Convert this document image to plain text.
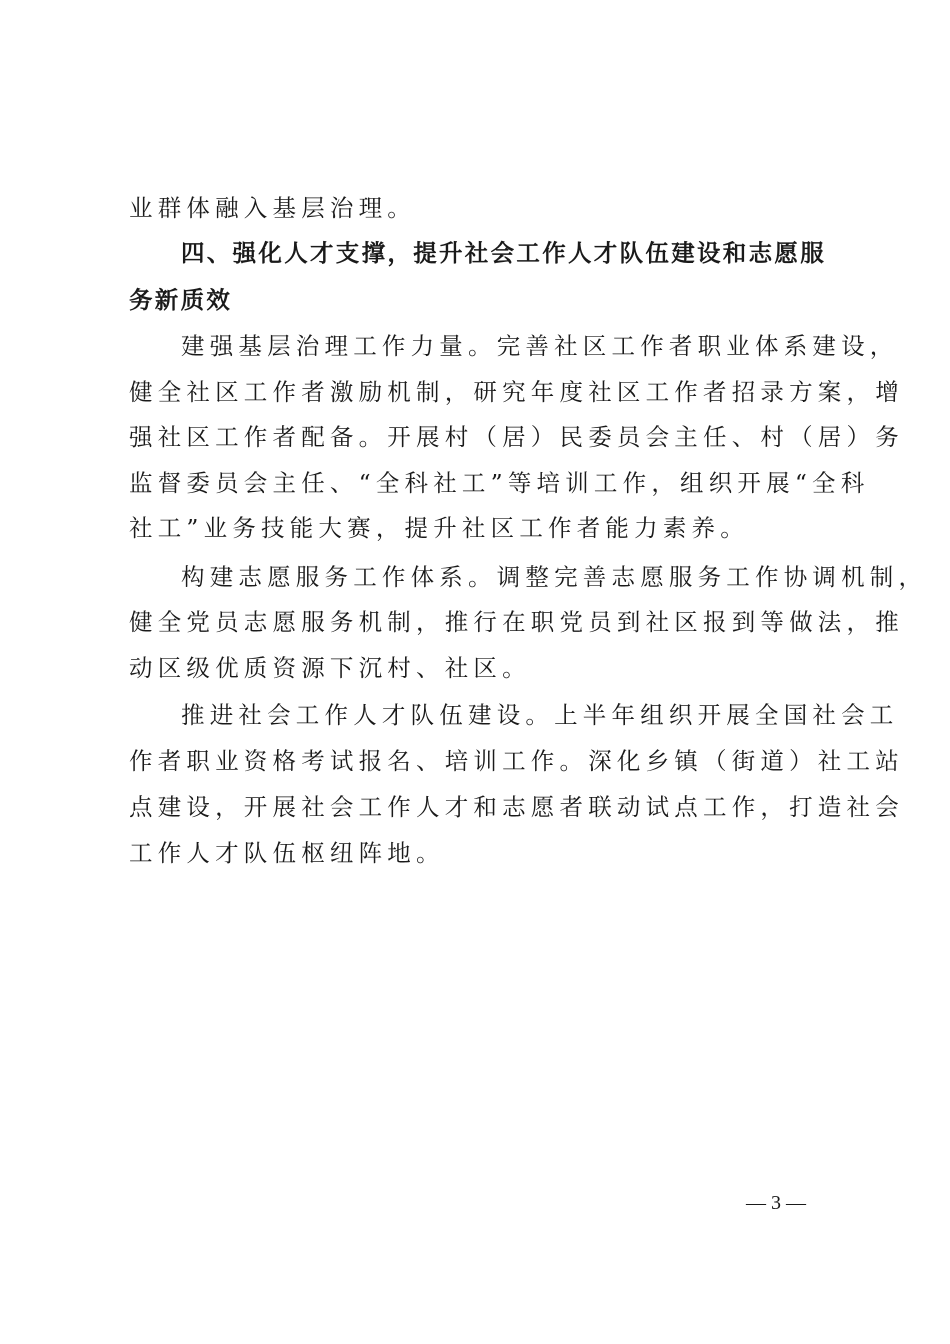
业群体融入基层治理。
四、强化人才支撑，提升社会工作人才队伍建设和志愿服
务新质效
建强基层治理工作力量。完善社区工作者职业体系建设，
健全社区工作者激励机制，研究年度社区工作者招录方案，增
强社区工作者配备。开展村（居）民委员会主任、村（居）务
监督委员会主任、“全科社工”等培训工作，组织开展“全科
社工”业务技能大赛，提升社区工作者能力素养。
构建志愿服务工作体系。调整完善志愿服务工作协调机制，
健全党员志愿服务机制，推行在职党员到社区报到等做法，推
动区级优质资源下沉村、社区。
推进社会工作人才队伍建设。上半年组织开展全国社会工
作者职业资格考试报名、培训工作。深化乡镇（街道）社工站
点建设，开展社会工作人才和志愿者联动试点工作，打造社会
工作人才队伍枢纽阵地。
— 3 —
